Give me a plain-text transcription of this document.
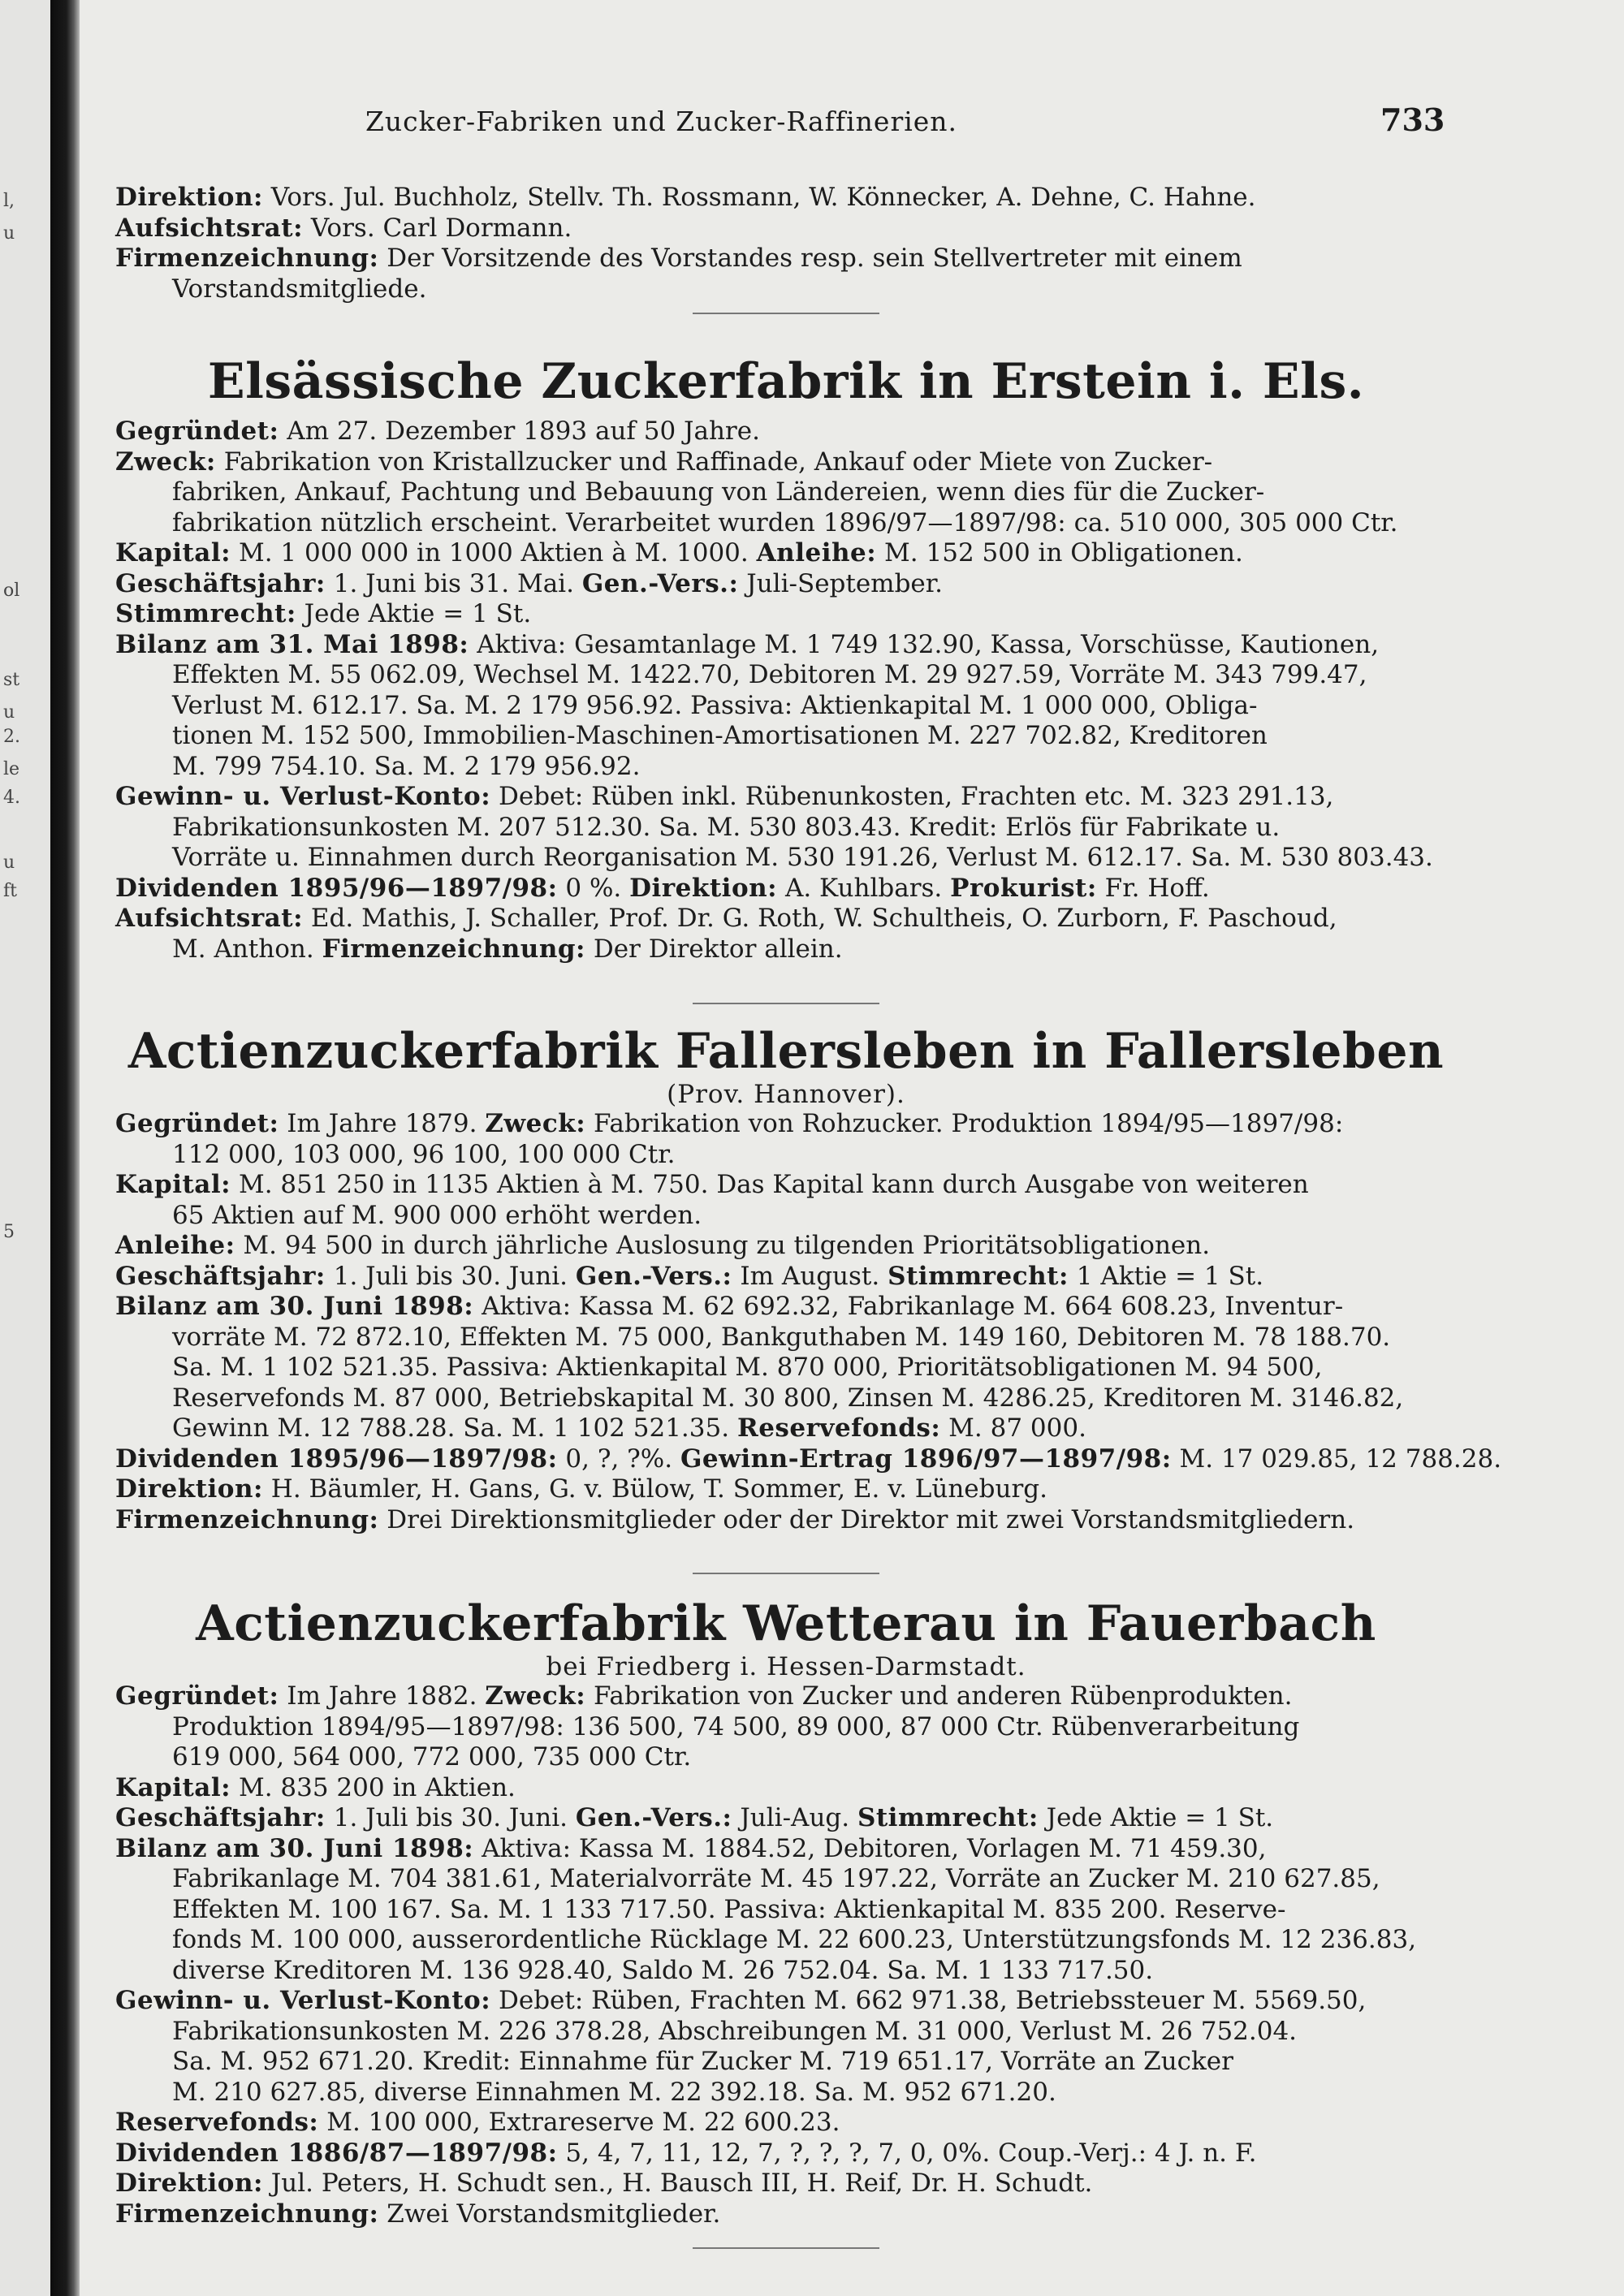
l,
u
ol
st
u
2.
le
4.
u
ft
5
Zucker-Fabriken und Zucker-Raffinerien.	733
Direktion: Vors. Jul. Buchholz, Stellv. Th. Rossmann, W. Könnecker, A. Dehne, C. Hahne.
Aufsichtsrat: Vors. Carl Dormann.
Firmenzeichnung: Der Vorsitzende des Vorstandes resp. sein Stellvertreter mit einem
Vorstandsmitgliede.
Elsässische Zuckerfabrik in Erstein i. Els.
Gegründet: Am 27. Dezember 1893 auf 50 Jahre.
Zweck: Fabrikation von Kristallzucker und Raffinade, Ankauf oder Miete von Zucker-
fabriken, Ankauf, Pachtung und Bebauung von Ländereien, wenn dies für die Zucker-
fabrikation nützlich erscheint. Verarbeitet wurden 1896/97—1897/98: ca. 510 000, 305 000 Ctr.
Kapital: M. 1 000 000 in 1000 Aktien à M. 1000. Anleihe: M. 152 500 in Obligationen.
Geschäftsjahr: 1. Juni bis 31. Mai. Gen.-Vers.: Juli-September.
Stimmrecht: Jede Aktie = 1 St.
Bilanz am 31. Mai 1898: Aktiva: Gesamtanlage M. 1 749 132.90, Kassa, Vorschüsse, Kautionen,
Effekten M. 55 062.09, Wechsel M. 1422.70, Debitoren M. 29 927.59, Vorräte M. 343 799.47,
Verlust M. 612.17. Sa. M. 2 179 956.92. Passiva: Aktienkapital M. 1 000 000, Obliga-
tionen M. 152 500, Immobilien-Maschinen-Amortisationen M. 227 702.82, Kreditoren
M. 799 754.10. Sa. M. 2 179 956.92.
Gewinn- u. Verlust-Konto: Debet: Rüben inkl. Rübenunkosten, Frachten etc. M. 323 291.13,
Fabrikationsunkosten M. 207 512.30. Sa. M. 530 803.43. Kredit: Erlös für Fabrikate u.
Vorräte u. Einnahmen durch Reorganisation M. 530 191.26, Verlust M. 612.17. Sa. M. 530 803.43.
Dividenden 1895/96—1897/98: 0 %. Direktion: A. Kuhlbars. Prokurist: Fr. Hoff.
Aufsichtsrat: Ed. Mathis, J. Schaller, Prof. Dr. G. Roth, W. Schultheis, O. Zurborn, F. Paschoud,
M. Anthon. Firmenzeichnung: Der Direktor allein.
Actienzuckerfabrik Fallersleben in Fallersleben
(Prov. Hannover).
Gegründet: Im Jahre 1879. Zweck: Fabrikation von Rohzucker. Produktion 1894/95—1897/98:
112 000, 103 000, 96 100, 100 000 Ctr.
Kapital: M. 851 250 in 1135 Aktien à M. 750. Das Kapital kann durch Ausgabe von weiteren
65 Aktien auf M. 900 000 erhöht werden.
Anleihe: M. 94 500 in durch jährliche Auslosung zu tilgenden Prioritätsobligationen.
Geschäftsjahr: 1. Juli bis 30. Juni. Gen.-Vers.: Im August. Stimmrecht: 1 Aktie = 1 St.
Bilanz am 30. Juni 1898: Aktiva: Kassa M. 62 692.32, Fabrikanlage M. 664 608.23, Inventur-
vorräte M. 72 872.10, Effekten M. 75 000, Bankguthaben M. 149 160, Debitoren M. 78 188.70.
Sa. M. 1 102 521.35. Passiva: Aktienkapital M. 870 000, Prioritätsobligationen M. 94 500,
Reservefonds M. 87 000, Betriebskapital M. 30 800, Zinsen M. 4286.25, Kreditoren M. 3146.82,
Gewinn M. 12 788.28. Sa. M. 1 102 521.35. Reservefonds: M. 87 000.
Dividenden 1895/96—1897/98: 0, ?, ?%. Gewinn-Ertrag 1896/97—1897/98: M. 17 029.85, 12 788.28.
Direktion: H. Bäumler, H. Gans, G. v. Bülow, T. Sommer, E. v. Lüneburg.
Firmenzeichnung: Drei Direktionsmitglieder oder der Direktor mit zwei Vorstandsmitgliedern.
Actienzuckerfabrik Wetterau in Fauerbach
bei Friedberg i. Hessen-Darmstadt.
Gegründet: Im Jahre 1882. Zweck: Fabrikation von Zucker und anderen Rübenprodukten.
Produktion 1894/95—1897/98: 136 500, 74 500, 89 000, 87 000 Ctr. Rübenverarbeitung
619 000, 564 000, 772 000, 735 000 Ctr.
Kapital: M. 835 200 in Aktien.
Geschäftsjahr: 1. Juli bis 30. Juni. Gen.-Vers.: Juli-Aug. Stimmrecht: Jede Aktie = 1 St.
Bilanz am 30. Juni 1898: Aktiva: Kassa M. 1884.52, Debitoren, Vorlagen M. 71 459.30,
Fabrikanlage M. 704 381.61, Materialvorräte M. 45 197.22, Vorräte an Zucker M. 210 627.85,
Effekten M. 100 167. Sa. M. 1 133 717.50. Passiva: Aktienkapital M. 835 200. Reserve-
fonds M. 100 000, ausserordentliche Rücklage M. 22 600.23, Unterstützungsfonds M. 12 236.83,
diverse Kreditoren M. 136 928.40, Saldo M. 26 752.04. Sa. M. 1 133 717.50.
Gewinn- u. Verlust-Konto: Debet: Rüben, Frachten M. 662 971.38, Betriebssteuer M. 5569.50,
Fabrikationsunkosten M. 226 378.28, Abschreibungen M. 31 000, Verlust M. 26 752.04.
Sa. M. 952 671.20. Kredit: Einnahme für Zucker M. 719 651.17, Vorräte an Zucker
M. 210 627.85, diverse Einnahmen M. 22 392.18. Sa. M. 952 671.20.
Reservefonds: M. 100 000, Extrareserve M. 22 600.23.
Dividenden 1886/87—1897/98: 5, 4, 7, 11, 12, 7, ?, ?, ?, 7, 0, 0%. Coup.-Verj.: 4 J. n. F.
Direktion: Jul. Peters, H. Schudt sen., H. Bausch III, H. Reif, Dr. H. Schudt.
Firmenzeichnung: Zwei Vorstandsmitglieder.
